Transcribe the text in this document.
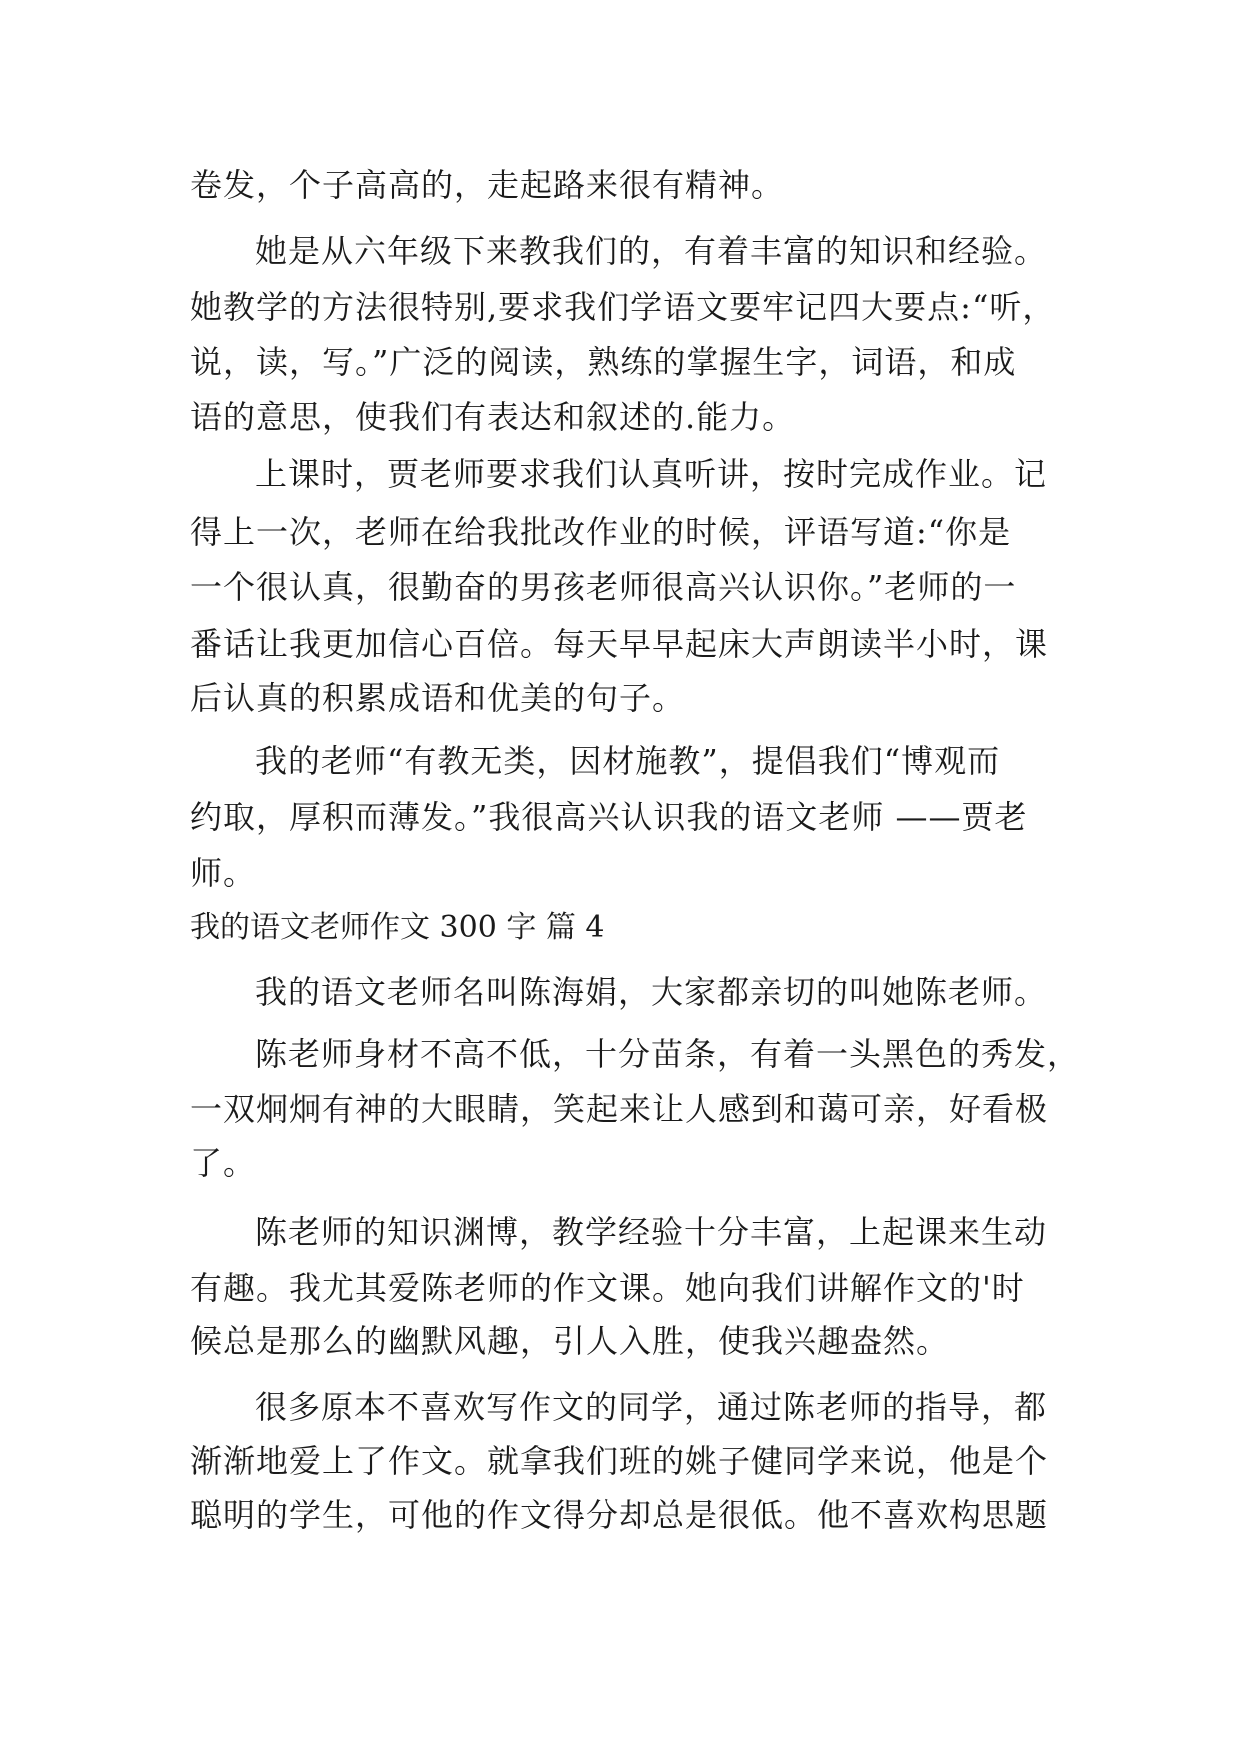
卷发，个子高高的，走起路来很有精神。
她是从六年级下来教我们的，有着丰富的知识和经验。
她教学的方法很特别,要求我们学语文要牢记四大要点:“听，
说，读，写。”广泛的阅读，熟练的掌握生字，词语，和成
语的意思，使我们有表达和叙述的.能力。
上课时，贾老师要求我们认真听讲，按时完成作业。记
得上一次，老师在给我批改作业的时候，评语写道:“你是
一个很认真，很勤奋的男孩老师很高兴认识你。”老师的一
番话让我更加信心百倍。每天早早起床大声朗读半小时，课
后认真的积累成语和优美的句子。
我的老师“有教无类，因材施教”，提倡我们“博观而
约取，厚积而薄发。”我很高兴认识我的语文老师 ——贾老
师。
我的语文老师作文 300 字 篇 4
我的语文老师名叫陈海娟，大家都亲切的叫她陈老师。
陈老师身材不高不低，十分苗条，有着一头黑色的秀发，
一双炯炯有神的大眼睛，笑起来让人感到和蔼可亲，好看极
了。
陈老师的知识渊博，教学经验十分丰富，上起课来生动
有趣。我尤其爱陈老师的作文课。她向我们讲解作文的'时
候总是那么的幽默风趣，引人入胜，使我兴趣盎然。
很多原本不喜欢写作文的同学，通过陈老师的指导，都
渐渐地爱上了作文。就拿我们班的姚子健同学来说，他是个
聪明的学生，可他的作文得分却总是很低。他不喜欢构思题
